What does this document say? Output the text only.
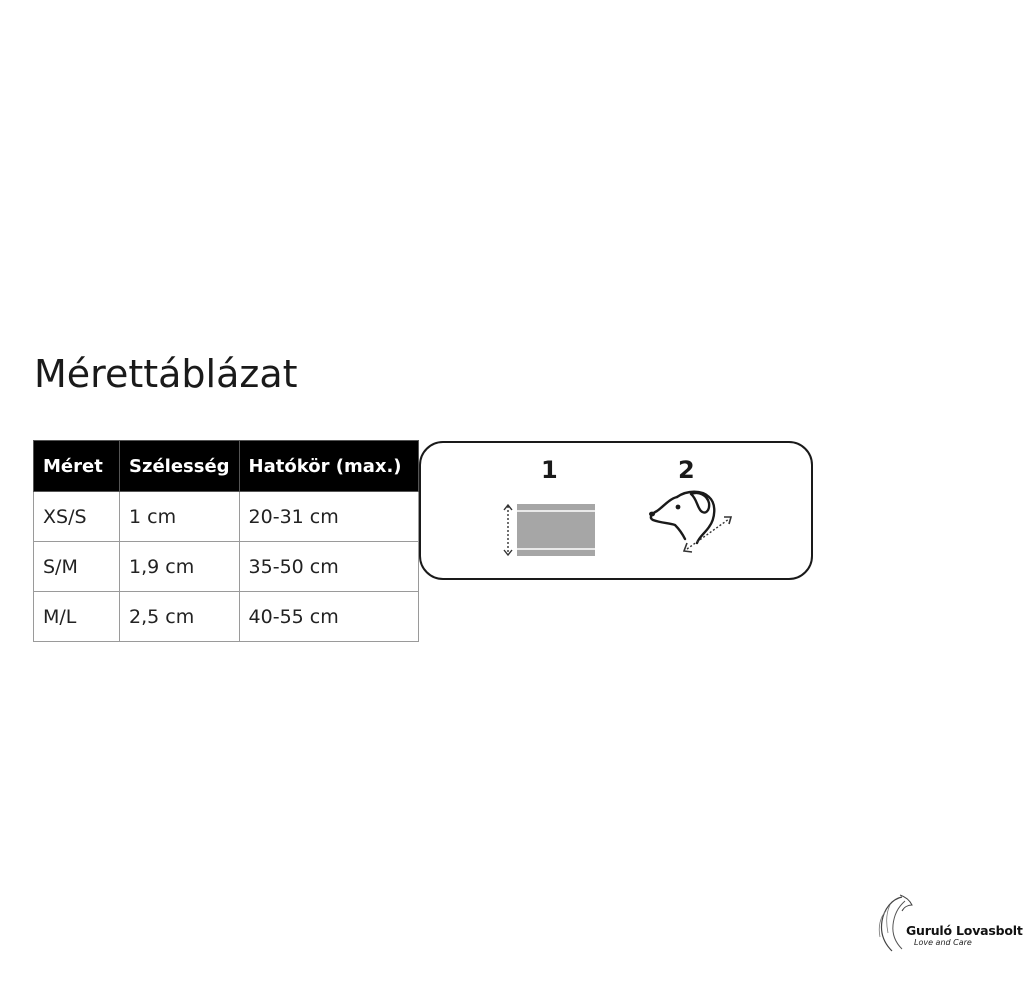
Mérettáblázat
Méret	Szélesség	Hatókör (max.)
XS/S	1 cm	20-31 cm
S/M	1,9 cm	35-50 cm
M/L	2,5 cm	40-55 cm
1	2
Guruló Lovasbolt
Love and Care
